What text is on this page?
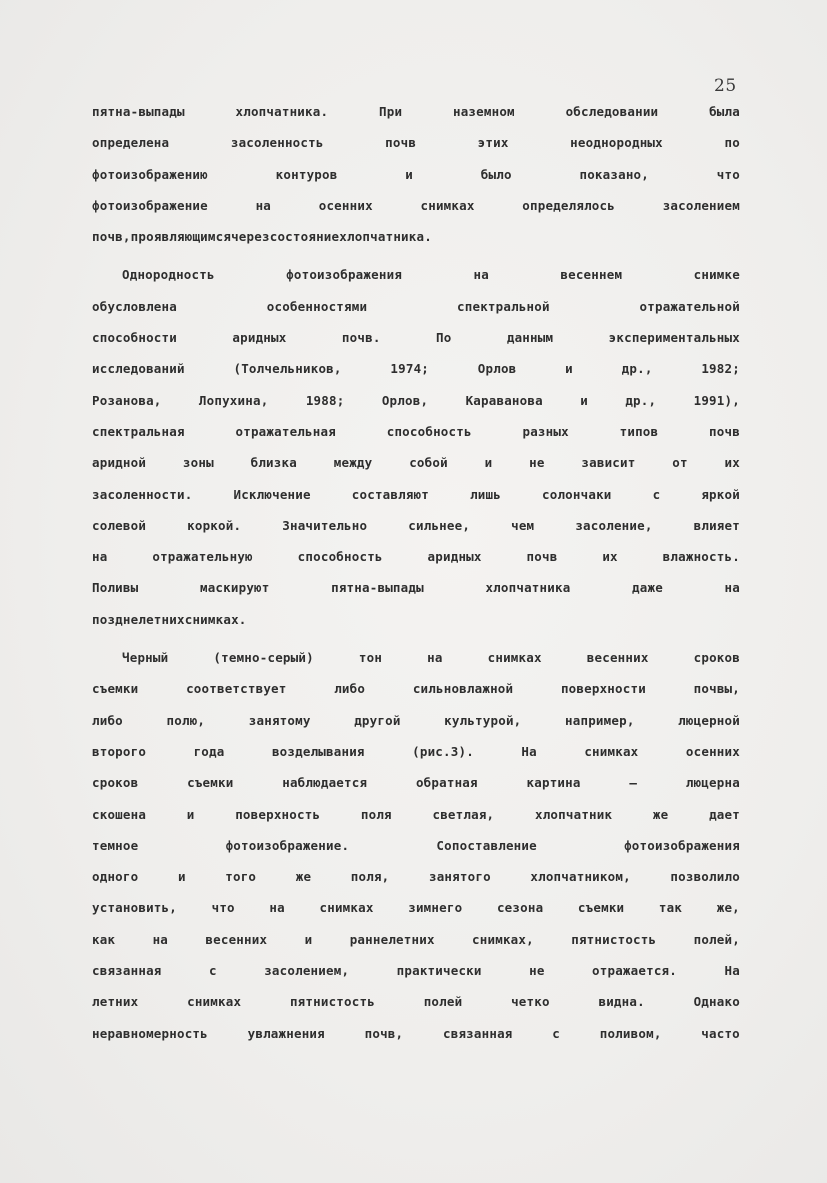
25
пятна-выпады	хлопчатника.	При	наземном	обследовании	была
определена	засоленность	почв	этих	неоднородных	по
фотоизображению	контуров	и	было	показано,	что
фотоизображение	на	осенних	снимках	определялось	засолением
почв, проявляющимся через состояние хлопчатника.
Однородность	фотоизображения	на	весеннем	снимке
обусловлена	особенностями	спектральной	отражательной
способности	аридных	почв.	По	данным	экспериментальных
исследований	(Толчельников,	1974;	Орлов	и	др.,	1982;
Розанова,	Лопухина,	1988;	Орлов,	Караванова	и	др.,	1991),
спектральная	отражательная	способность	разных	типов	почв
аридной	зоны	близка	между	собой	и	не	зависит	от	их
засоленности.	Исключение	составляют	лишь	солончаки	с	яркой
солевой	коркой.	Значительно	сильнее,	чем	засоление,	влияет
на	отражательную	способность	аридных	почв	их	влажность.
Поливы	маскируют	пятна-выпады	хлопчатника	даже	на
позднелетних снимках.
Черный	(темно-серый)	тон	на	снимках	весенних	сроков
съемки	соответствует	либо	сильновлажной	поверхности	почвы,
либо	полю,	занятому	другой	культурой,	например,	люцерной
второго	года	возделывания	(рис.3).	На	снимках	осенних
сроков	съемки	наблюдается	обратная	картина	–	люцерна
скошена	и	поверхность	поля	светлая,	хлопчатник	же	дает
темное	фотоизображение.	Сопоставление	фотоизображения
одного	и	того	же	поля,	занятого	хлопчатником,	позволило
установить,	что	на	снимках	зимнего	сезона	съемки	так	же,
как	на	весенних	и	раннелетних	снимках,	пятнистость	полей,
связанная	с	засолением,	практически	не	отражается.	На
летних	снимках	пятнистость	полей	четко	видна.	Однако
неравномерность	увлажнения	почв,	связанная	с	поливом,	часто
